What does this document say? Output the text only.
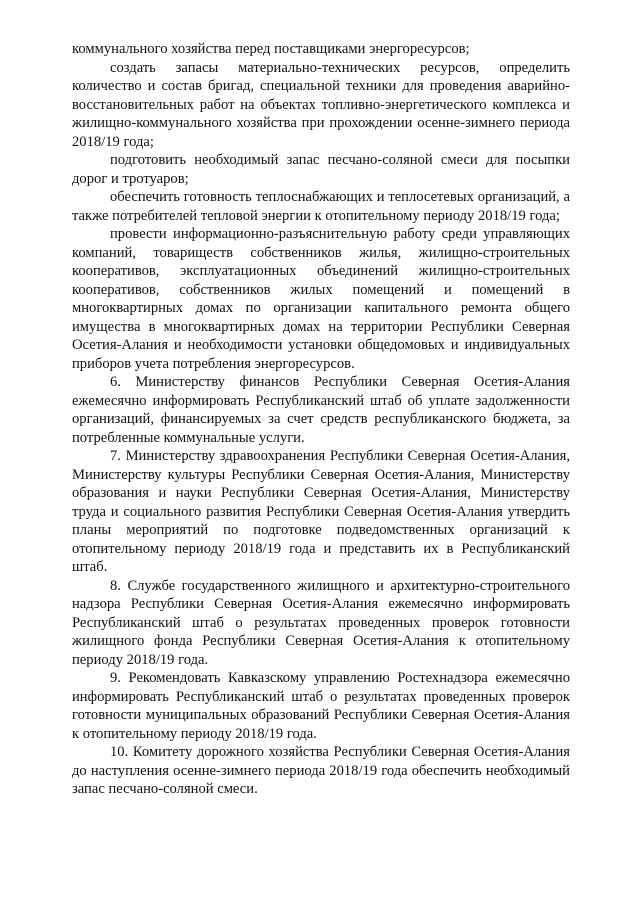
коммунального хозяйства перед поставщиками энергоресурсов;

создать запасы материально-технических ресурсов, определить количество и состав бригад, специальной техники для проведения аварийно-восстановительных работ на объектах топливно-энергетического комплекса и жилищно-коммунального хозяйства при прохождении осенне-зимнего периода 2018/19 года;

подготовить необходимый запас песчано-соляной смеси для посыпки дорог и тротуаров;

обеспечить готовность теплоснабжающих и теплосетевых организаций, а также потребителей тепловой энергии к отопительному периоду 2018/19 года;

провести информационно-разъяснительную работу среди управляющих компаний, товариществ собственников жилья, жилищно-строительных кооперативов, эксплуатационных объединений жилищно-строительных кооперативов, собственников жилых помещений и помещений в многоквартирных домах по организации капитального ремонта общего имущества в многоквартирных домах на территории Республики Северная Осетия-Алания и необходимости установки общедомовых и индивидуальных приборов учета потребления энергоресурсов.

6. Министерству финансов Республики Северная Осетия-Алания ежемесячно информировать Республиканский штаб об уплате задолженности организаций, финансируемых за счет средств республиканского бюджета, за потребленные коммунальные услуги.

7. Министерству здравоохранения Республики Северная Осетия-Алания, Министерству культуры Республики Северная Осетия-Алания, Министерству образования и науки Республики Северная Осетия-Алания, Министерству труда и социального развития Республики Северная Осетия-Алания утвердить планы мероприятий по подготовке подведомственных организаций к отопительному периоду 2018/19 года и представить их в Республиканский штаб.

8. Службе государственного жилищного и архитектурно-строительного надзора Республики Северная Осетия-Алания ежемесячно информировать Республиканский штаб о результатах проведенных проверок готовности жилищного фонда Республики Северная Осетия-Алания к отопительному периоду 2018/19 года.

9. Рекомендовать Кавказскому управлению Ростехнадзора ежемесячно информировать Республиканский штаб о результатах проведенных проверок готовности муниципальных образований Республики Северная Осетия-Алания к отопительному периоду 2018/19 года.

10. Комитету дорожного хозяйства Республики Северная Осетия-Алания до наступления осенне-зимнего периода 2018/19 года обеспечить необходимый запас песчано-соляной смеси.
